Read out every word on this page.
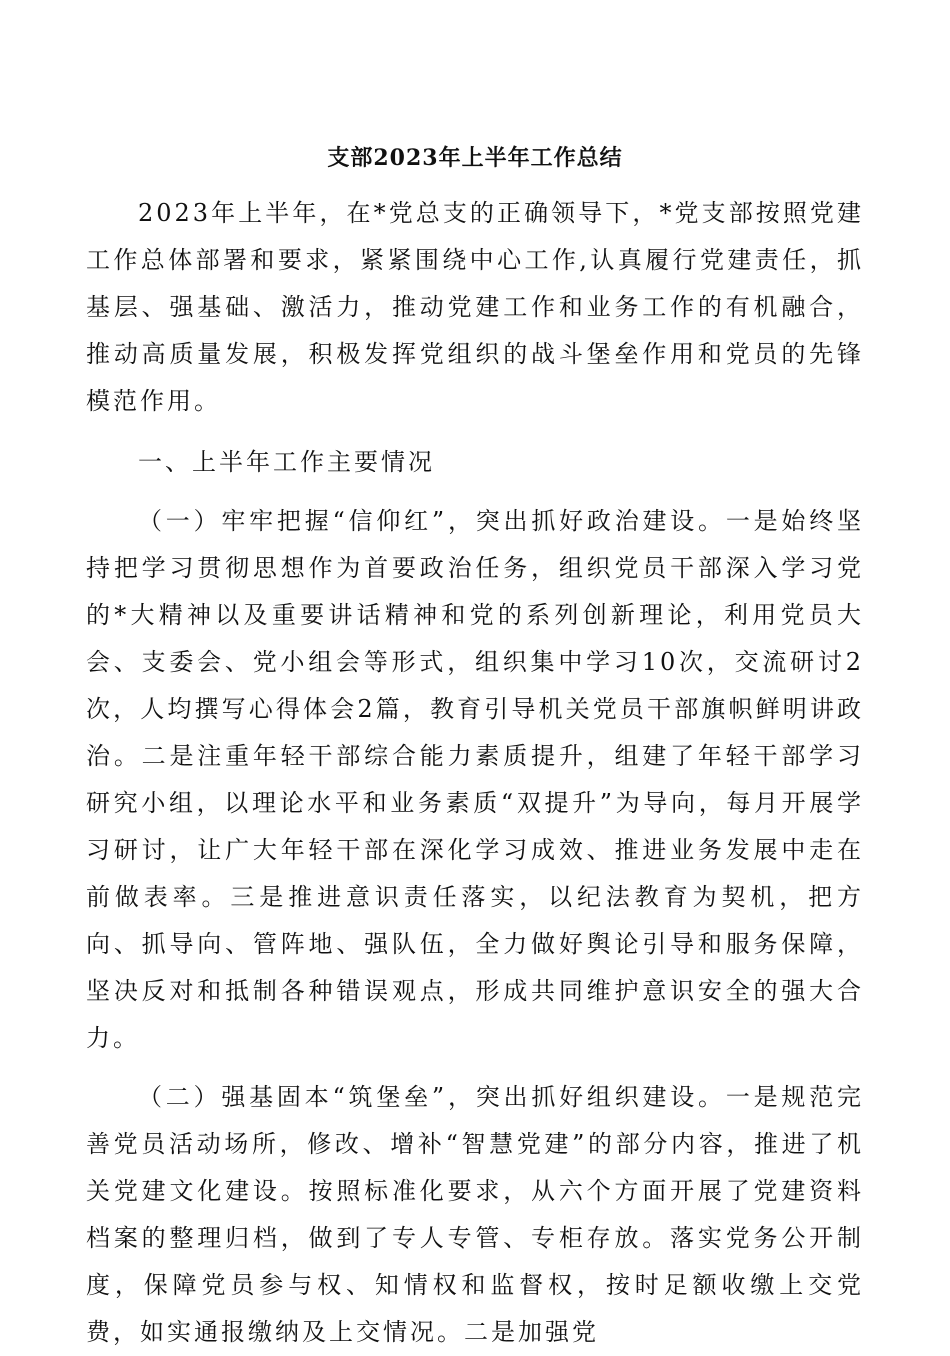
支部2023年上半年工作总结

2023年上半年，在*党总支的正确领导下，*党支部按照党建工作总体部署和要求，紧紧围绕中心工作,认真履行党建责任，抓基层、强基础、激活力，推动党建工作和业务工作的有机融合，推动高质量发展，积极发挥党组织的战斗堡垒作用和党员的先锋模范作用。

一、上半年工作主要情况

（一）牢牢把握“信仰红”，突出抓好政治建设。一是始终坚持把学习贯彻思想作为首要政治任务，组织党员干部深入学习党的*大精神以及重要讲话精神和党的系列创新理论，利用党员大会、支委会、党小组会等形式，组织集中学习10次，交流研讨2次，人均撰写心得体会2篇，教育引导机关党员干部旗帜鲜明讲政治。二是注重年轻干部综合能力素质提升，组建了年轻干部学习研究小组，以理论水平和业务素质“双提升”为导向，每月开展学习研讨，让广大年轻干部在深化学习成效、推进业务发展中走在前做表率。三是推进意识责任落实，以纪法教育为契机，把方向、抓导向、管阵地、强队伍，全力做好舆论引导和服务保障，坚决反对和抵制各种错误观点，形成共同维护意识安全的强大合力。

（二）强基固本“筑堡垒”，突出抓好组织建设。一是规范完善党员活动场所，修改、增补“智慧党建”的部分内容，推进了机关党建文化建设。按照标准化要求，从六个方面开展了党建资料档案的整理归档，做到了专人专管、专柜存放。落实党务公开制度，保障党员参与权、知情权和监督权，按时足额收缴上交党费，如实通报缴纳及上交情况。二是加强党
